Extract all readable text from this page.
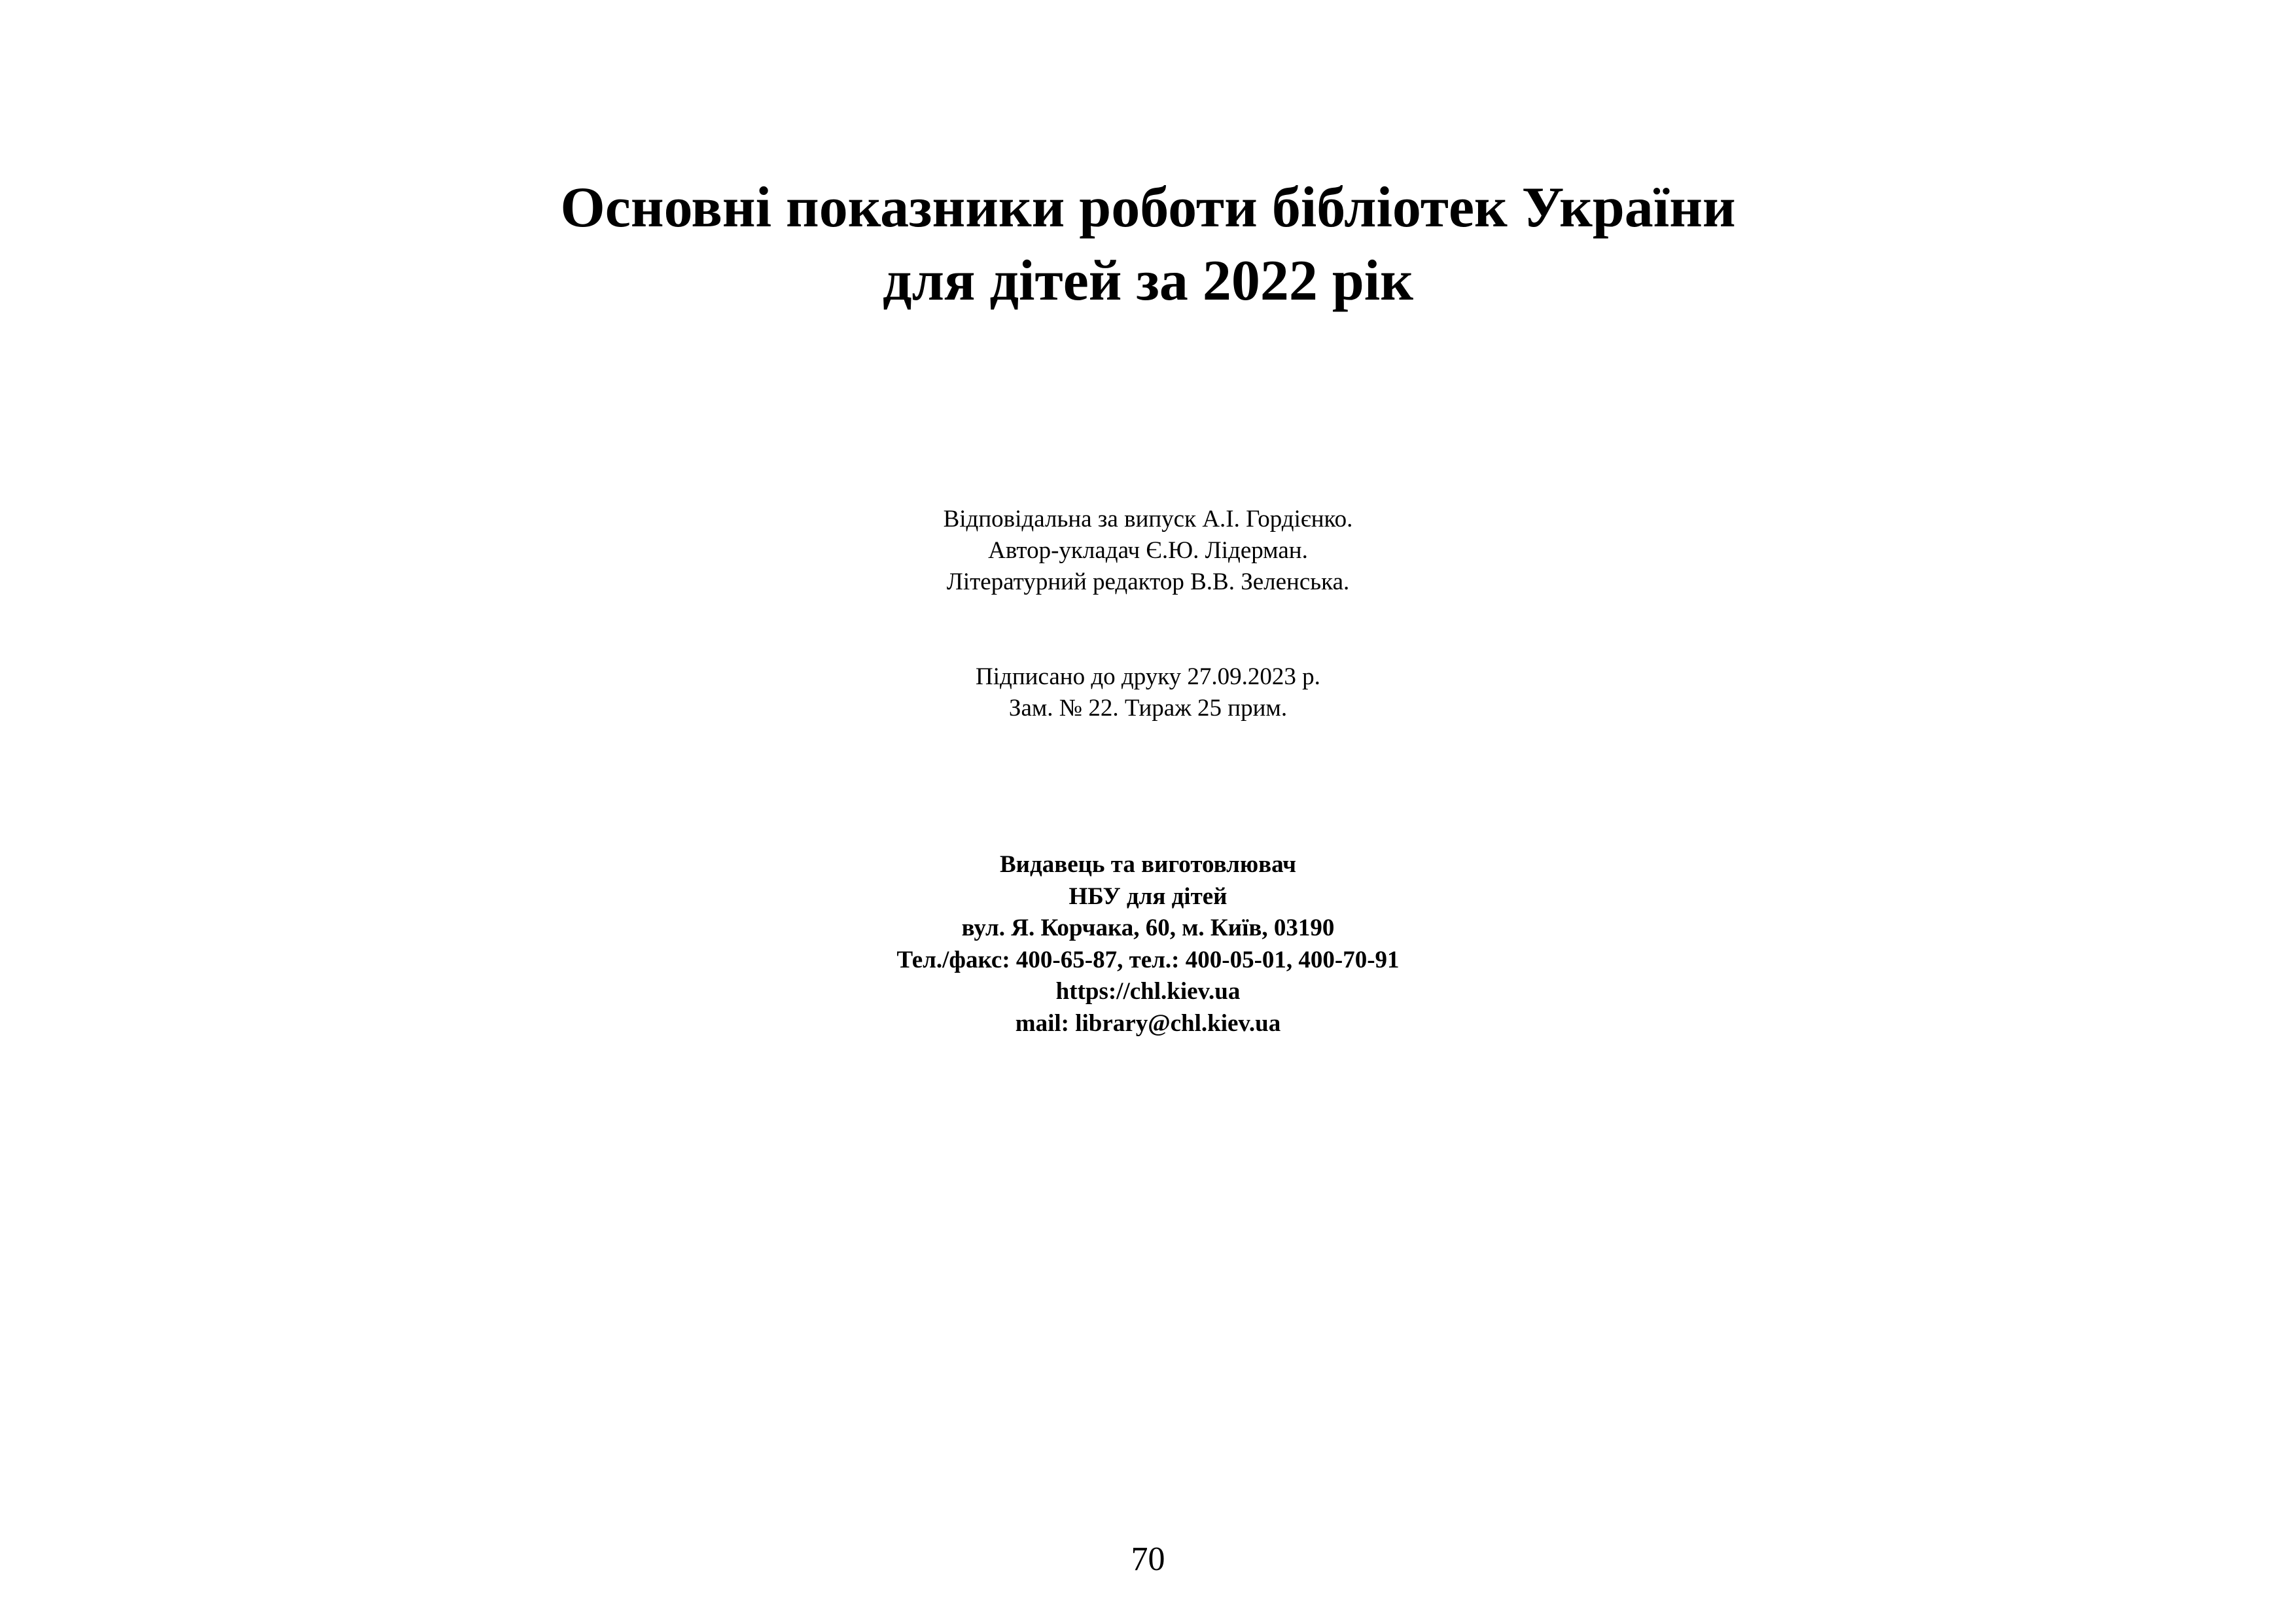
Основні показники роботи бібліотек України
для дітей за 2022 рік
Відповідальна за випуск А.І. Гордієнко.
Автор-укладач Є.Ю. Лідерман.
Літературний редактор В.В. Зеленська.
Підписано до друку 27.09.2023 р.
Зам. № 22. Тираж 25 прим.
Видавець та виготовлювач
НБУ для дітей
вул. Я. Корчака, 60, м. Київ, 03190
Тел./факс: 400-65-87, тел.: 400-05-01, 400-70-91
https://chl.kiev.ua
mail: library@chl.kiev.ua
70
